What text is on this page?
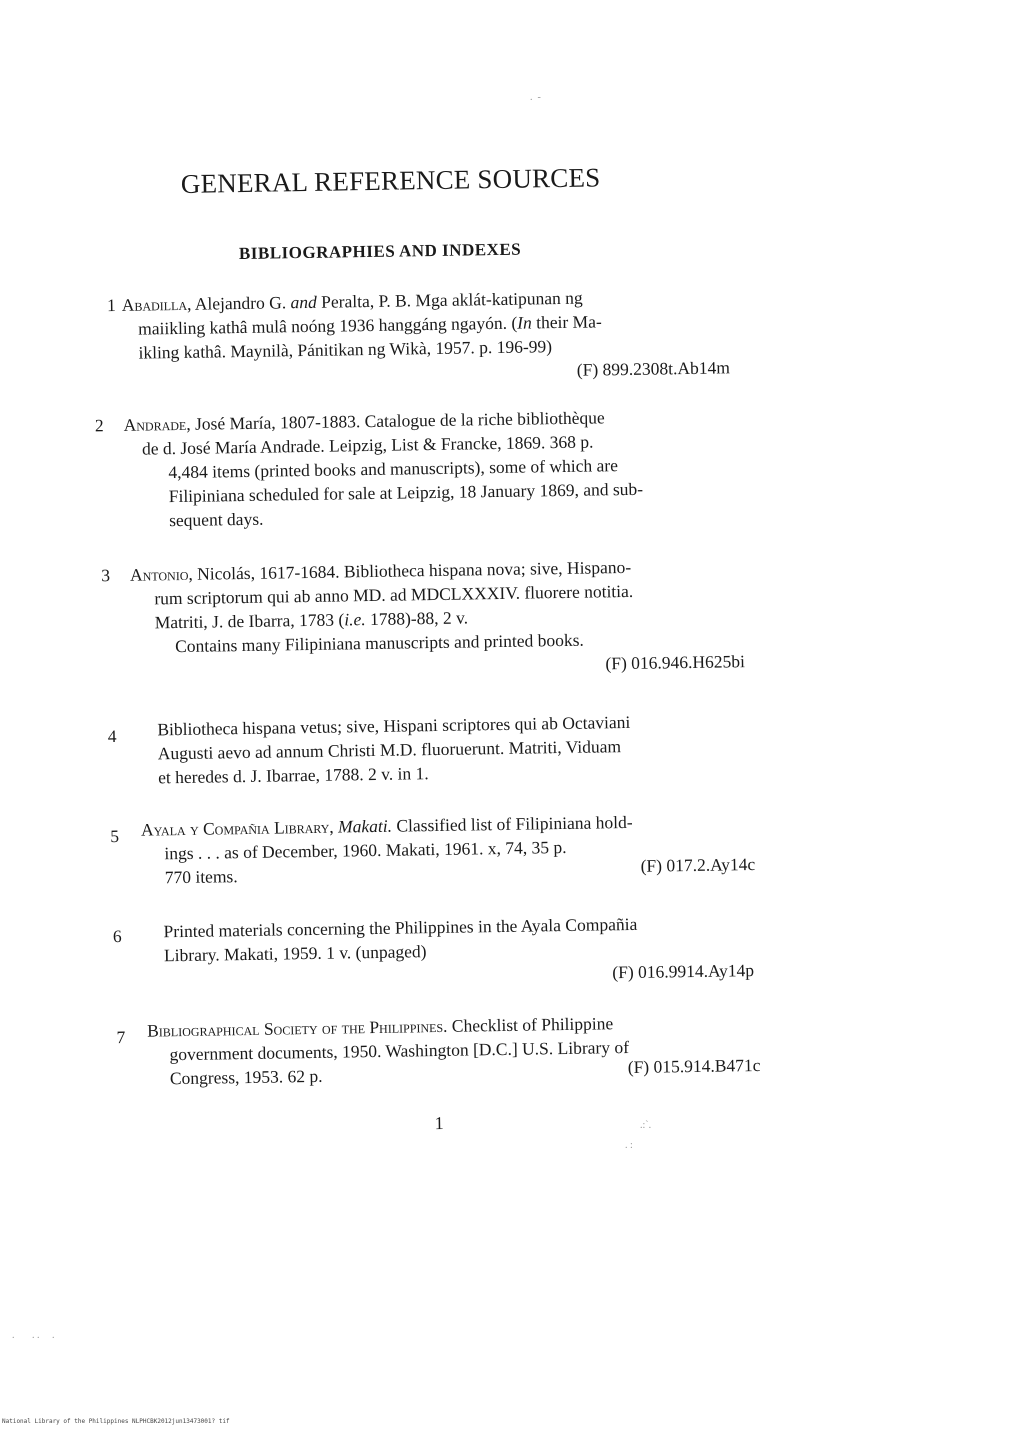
GENERAL REFERENCE SOURCES
BIBLIOGRAPHIES AND INDEXES
1 Abadilla, Alejandro G. and Peralta, P. B. Mga aklát-katipunan ng
maiikling kathâ mulâ noóng 1936 hanggáng ngayón. (In their Ma-
ikling kathâ. Maynilà, Pánitikan ng Wikà, 1957. p. 196-99)
(F) 899.2308t.Ab14m
2 Andrade, José María, 1807-1883. Catalogue de la riche bibliothèque
de d. José María Andrade. Leipzig, List & Francke, 1869. 368 p.
4,484 items (printed books and manuscripts), some of which are
Filipiniana scheduled for sale at Leipzig, 18 January 1869, and sub-
sequent days.
3 Antonio, Nicolás, 1617-1684. Bibliotheca hispana nova; sive, Hispano-
rum scriptorum qui ab anno MD. ad MDCLXXXIV. fluorere notitia.
Matriti, J. de Ibarra, 1783 (i.e. 1788)-88, 2 v.
Contains many Filipiniana manuscripts and printed books.
(F) 016.946.H625bi
4 Bibliotheca hispana vetus; sive, Hispani scriptores qui ab Octaviani
Augusti aevo ad annum Christi M.D. fluoruerunt. Matriti, Viduam
et heredes d. J. Ibarrae, 1788. 2 v. in 1.
5 Ayala y Compañia Library, Makati. Classified list of Filipiniana hold-
ings . . . as of December, 1960. Makati, 1961. x, 74, 35 p.
770 items.
(F) 017.2.Ay14c
6 Printed materials concerning the Philippines in the Ayala Compañia
Library. Makati, 1959. 1 v. (unpaged)
(F) 016.9914.Ay14p
7 Bibliographical Society of the Philippines. Checklist of Philippine
government documents, 1950. Washington [D.C.] U.S. Library of
Congress, 1953. 62 p.	(F) 015.914.B471c
1
.  -
.:`.
. :
.       . .     .
National Library of the Philippines NLPHCBK2012jun13473001? tif
